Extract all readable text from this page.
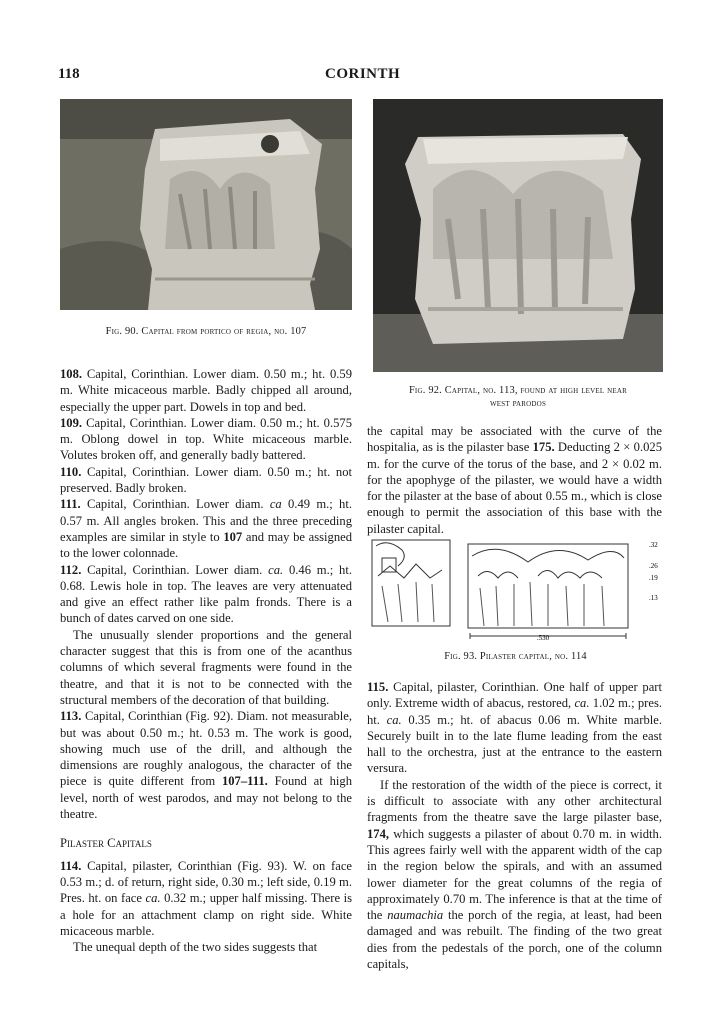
118	CORINTH
Fig. 90. Capital from portico of regia, no. 107
Fig. 92. Capital, no. 113, found at high level near
west parodos

108. Capital, Corinthian. Lower diam. 0.50 m.; ht. 0.59 m. White micaceous marble. Badly chipped all around, especially the upper part. Dowels in top and bed.

109. Capital, Corinthian. Lower diam. 0.50 m.; ht. 0.575 m. Oblong dowel in top. White micaceous marble. Volutes broken off, and generally badly battered.

110. Capital, Corinthian. Lower diam. 0.50 m.; ht. not preserved. Badly broken.

111. Capital, Corinthian. Lower diam. ca 0.49 m.; ht. 0.57 m. All angles broken. This and the three preceding examples are similar in style to 107 and may be assigned to the lower colonnade.

112. Capital, Corinthian. Lower diam. ca. 0.46 m.; ht. 0.68. Lewis hole in top. The leaves are very attenuated and give an effect rather like palm fronds. There is a bunch of dates carved on one side.

The unusually slender proportions and the general character suggest that this is from one of the acanthus columns of which several fragments were found in the theatre, and that it is not to be connected with the structural members of the decoration of that building.

113. Capital, Corinthian (Fig. 92). Diam. not measurable, but was about 0.50 m.; ht. 0.53 m. The work is good, showing much use of the drill, and although the dimensions are roughly analogous, the character of the piece is quite different from 107–111. Found at high level, north of west parodos, and may not belong to the theatre.

Pilaster Capitals

114. Capital, pilaster, Corinthian (Fig. 93). W. on face 0.53 m.; d. of return, right side, 0.30 m.; left side, 0.19 m. Pres. ht. on face ca. 0.32 m.; upper half missing. There is a hole for an attachment clamp on right side. White micaceous marble.

The unequal depth of the two sides suggests that

the capital may be associated with the curve of the hospitalia, as is the pilaster base 175. Deducting 2 × 0.025 m. for the curve of the torus of the base, and 2 × 0.02 m. for the apophyge of the pilaster, we would have a width for the pilaster at the base of about 0.55 m., which is close enough to permit the association of this base with the pilaster capital.

.530
.32
.26
.19
.13
Fig. 93. Pilaster capital, no. 114

115. Capital, pilaster, Corinthian. One half of upper part only. Extreme width of abacus, restored, ca. 1.02 m.; pres. ht. ca. 0.35 m.; ht. of abacus 0.06 m. White marble. Securely built in to the late flume leading from the east hall to the orchestra, just at the entrance to the eastern versura.

If the restoration of the width of the piece is correct, it is difficult to associate with any other architectural fragments from the theatre save the large pilaster base, 174, which suggests a pilaster of about 0.70 m. in width. This agrees fairly well with the apparent width of the cap in the region below the spirals, and with an assumed lower diameter for the great columns of the regia of approximately 0.70 m. The inference is that at the time of the naumachia the porch of the regia, at least, had been damaged and was rebuilt. The finding of the two great dies from the pedestals of the porch, one of the column capitals,
